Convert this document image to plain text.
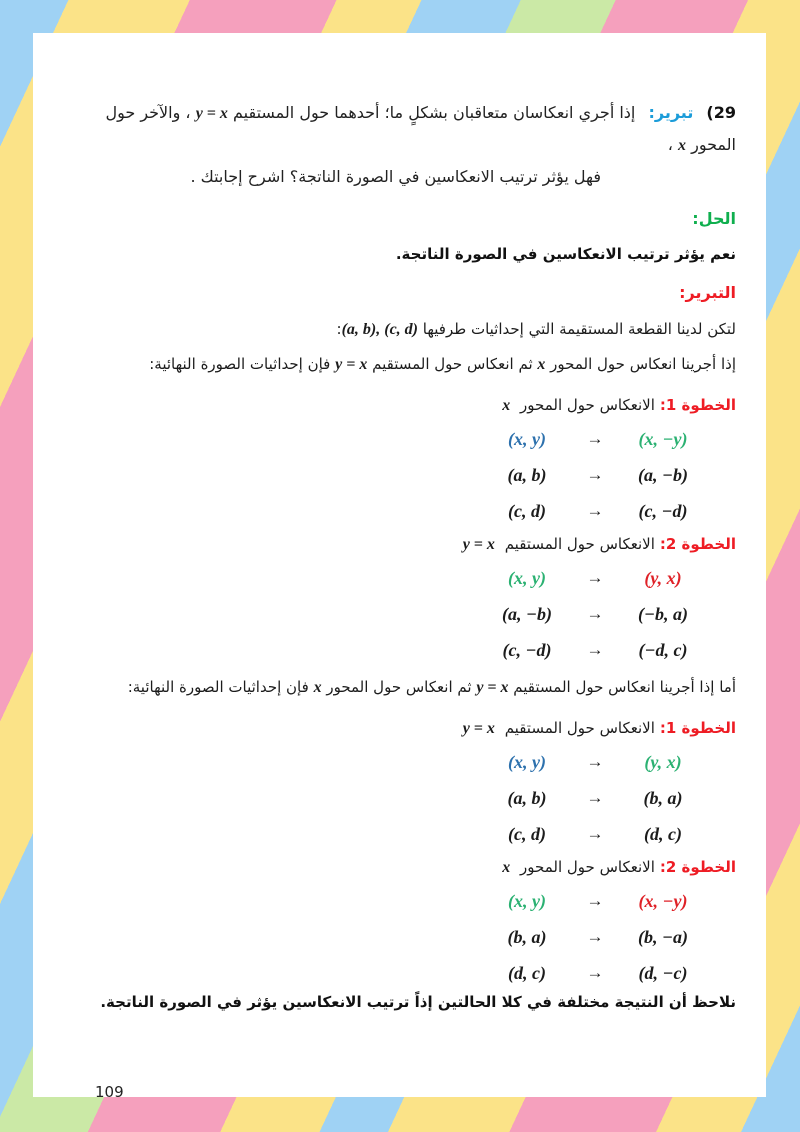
(29 تبرير: إذا أجري انعكاسان متعاقبان بشكلٍ ما؛ أحدهما حول المستقيم y = x ، والآخر حول المحور x ،
فهل يؤثر ترتيب الانعكاسين في الصورة الناتجة؟ اشرح إجابتك .
الحل:
نعم يؤثر ترتيب الانعكاسين في الصورة الناتجة.
التبرير:
لتكن لدينا القطعة المستقيمة التي إحداثيات طرفيها (a, b), (c, d):
إذا أجرينا انعكاس حول المحور x ثم انعكاس حول المستقيم y = x فإن إحداثيات الصورة النهائية:
الخطوة 1:الانعكاس حول المحور x
(x, y) → (x, −y)
(a, b) → (a, −b)
(c, d) → (c, −d)
الخطوة 2:الانعكاس حول المستقيم y = x
(x, y) → (y, x)
(a, −b) → (−b, a)
(c, −d) → (−d, c)
أما إذا أجرينا انعكاس حول المستقيم y = x ثم انعكاس حول المحور x فإن إحداثيات الصورة النهائية:
الخطوة 1:الانعكاس حول المستقيم y = x
(x, y) → (y, x)
(a, b) → (b, a)
(c, d) → (d, c)
الخطوة 2:الانعكاس حول المحور x
(x, y) → (x, −y)
(b, a) → (b, −a)
(d, c) → (d, −c)
نلاحظ أن النتيجة مختلفة في كلا الحالتين إذاً ترتيب الانعكاسين يؤثر في الصورة الناتجة.
109
